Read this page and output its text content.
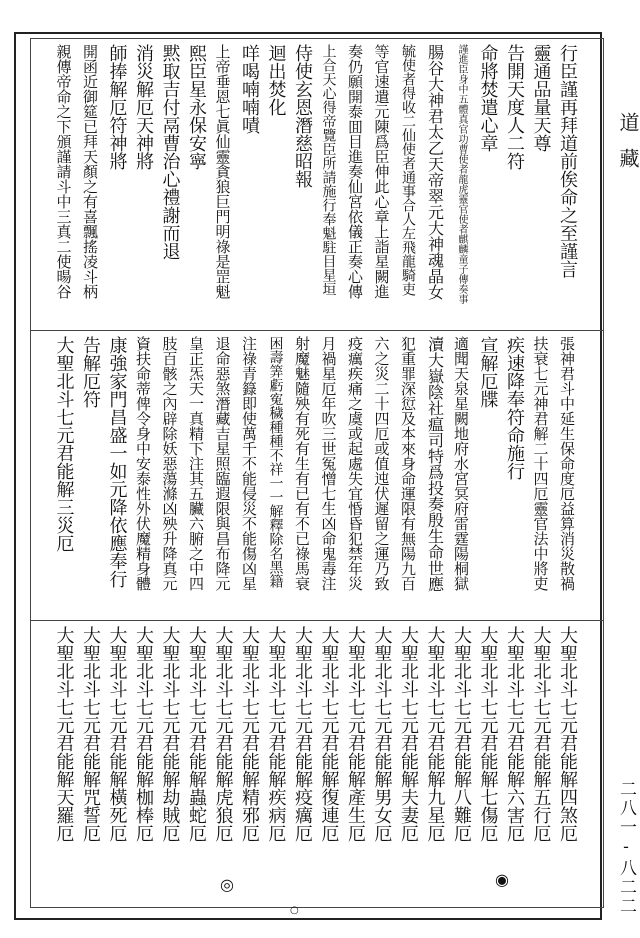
道藏
二八一-八二二
行臣謹再拜道前俟命之至謹言
靈通品量天尊
告開天度人二符
命將焚遣心章
謹進臣身中五體真官功曹使者龍虎靈官使者麒麟童子傳奏事
腸谷大神君太乙天帝翠元大神魂晶女
毓使者得收二仙使者通事合人左飛龍騎吏
等官速遣元陳爲臣伸此心章上詣星闕進
奏仍願開泰囬目進奏仙宮依儀正奏心傳
上合天心得帝覽臣所請施行奉魁駐目星垣
侍使玄恩潛慈昭報
迴出焚化
咩喝喃喃嘖
上帝垂恩七眞仙靈貪狼巨門明祿是罡魁
熙臣星永保安寧
黙取吉付鬲曹治心禮謝而退
消災解厄天神將
師捧解厄符神將
開函近御筵已拜天顏之有喜飄搖凌斗柄
親傳帝命之下頒謹請斗中三真二使暘谷
張神君斗中延生保命度厄益算消災散禍
扶衰七元神君解二十四厄靈官法中將吏
疾速降奉符命施行
宣解厄牒
適聞天泉星闕地府水宮冥府雷霆陽桐獄
瀆大嶽陰社瘟司特爲投奏殷生命世應
犯重罪深愆及本來身命運限有無陽九百
六之災二十四厄或值迍伏遲留之運乃致
疫癘疾痛之虞或起處失宜惛昏犯禁年災
月禍星厄年吹三世冤憎七生凶命鬼毒注
射魔魅隨殃有死有生有已有不已祿馬衰
困壽筭虧寃穢種種不祥一一解釋除名黑籍
注祿青籙即使萬千不能侵災不能傷凶星
退命惡煞潛藏吉星照臨遐限與昌布降元
皇正炁天一真精下注其五臟六腑之中四
肢百骸之內辟除妖惡蕩滌凶殃升降真元
資扶命蒂俾令身中安泰性外伏魔精身體
康強家門昌盛一如元降依應奉行
告解厄符
大聖北斗七元君能解三災厄
大聖北斗七元君能解四煞厄
大聖北斗七元君能解五行厄
大聖北斗七元君能解六害厄
大聖北斗七元君能解七傷厄
大聖北斗七元君能解八難厄
大聖北斗七元君能解九星厄
大聖北斗七元君能解夫妻厄
大聖北斗七元君能解男女厄
大聖北斗七元君能解產生厄
大聖北斗七元君能解復連厄
大聖北斗七元君能解疫癘厄
大聖北斗七元君能解疾病厄
大聖北斗七元君能解精邪厄
大聖北斗七元君能解虎狼厄
大聖北斗七元君能解蟲蛇厄
大聖北斗七元君能解劫賊厄
大聖北斗七元君能解枷棒厄
大聖北斗七元君能解橫死厄
大聖北斗七元君能解咒誓厄
大聖北斗七元君能解天羅厄
◉
◎
○
